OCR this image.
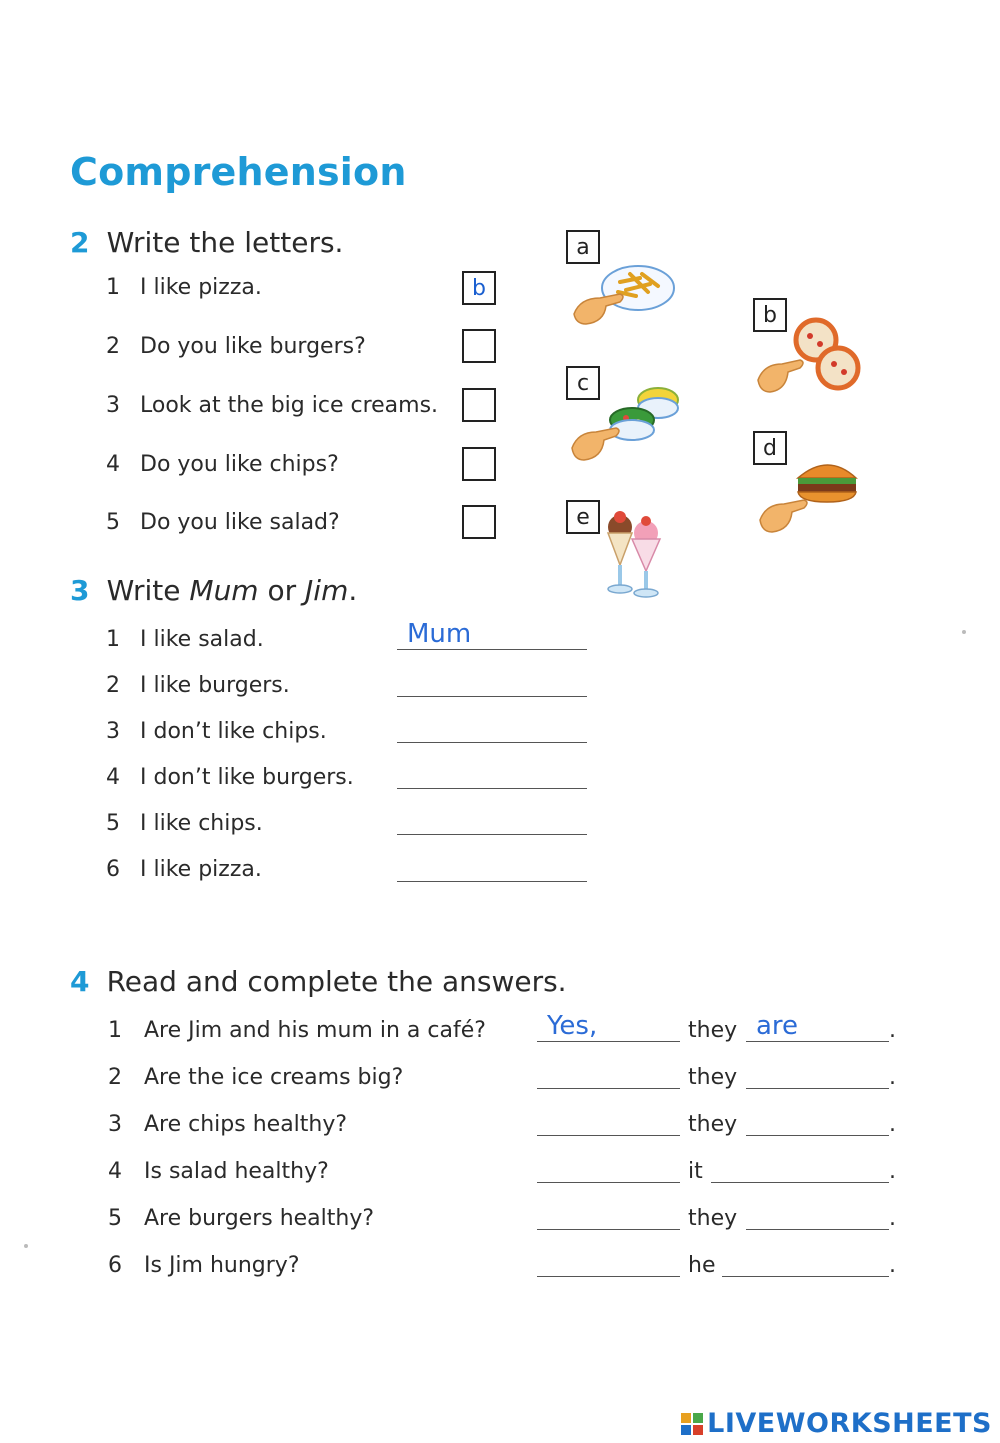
Comprehension
2 Write the letters.
1 I like pizza.	b
2 Do you like burgers?
3 Look at the big ice creams.
4 Do you like chips?
5 Do you like salad?
a
b
c
d
e
3 Write Mum or Jim.
1 I like salad.	Mum
2 I like burgers.
3 I don’t like chips.
4 I don’t like burgers.
5 I like chips.
6 I like pizza.
4 Read and complete the answers.
1 Are Jim and his mum in a café?	Yes,	they are	.
2 Are the ice creams big?	they	.
3 Are chips healthy?	they	.
4 Is salad healthy?	it	.
5 Are burgers healthy?	they	.
6 Is Jim hungry?	he	.
LIVEWORKSHEETS
